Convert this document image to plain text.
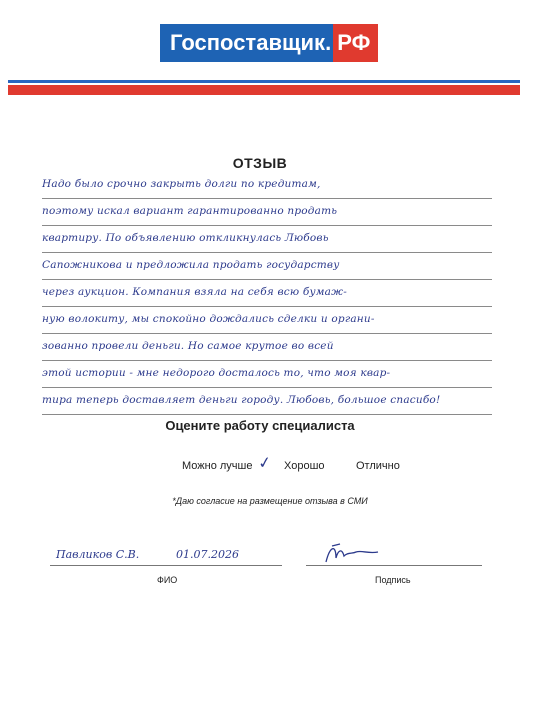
Госпоставщик. РФ
ОТЗЫВ
Надо было срочно закрыть долги по кредитам,
поэтому искал вариант гарантированно продать
квартиру. По объявлению откликнулась Любовь
Сапожникова и предложила продать государству
через аукцион. Компания взяла на себя всю бумаж-
ную волокиту, мы спокойно дождались сделки и органи-
зованно провели деньги. Но самое крутое во всей
этой истории - мне недорого досталось то, что моя квар-
тира теперь доставляет деньги городу. Любовь, большое спасибо!
Оцените работу специалиста
Можно лучше ✓ Хорошо	Отлично
*Даю согласие на размещение отзыва в СМИ
Павликов С.В.	01.07.2026
ФИО	Подпись
